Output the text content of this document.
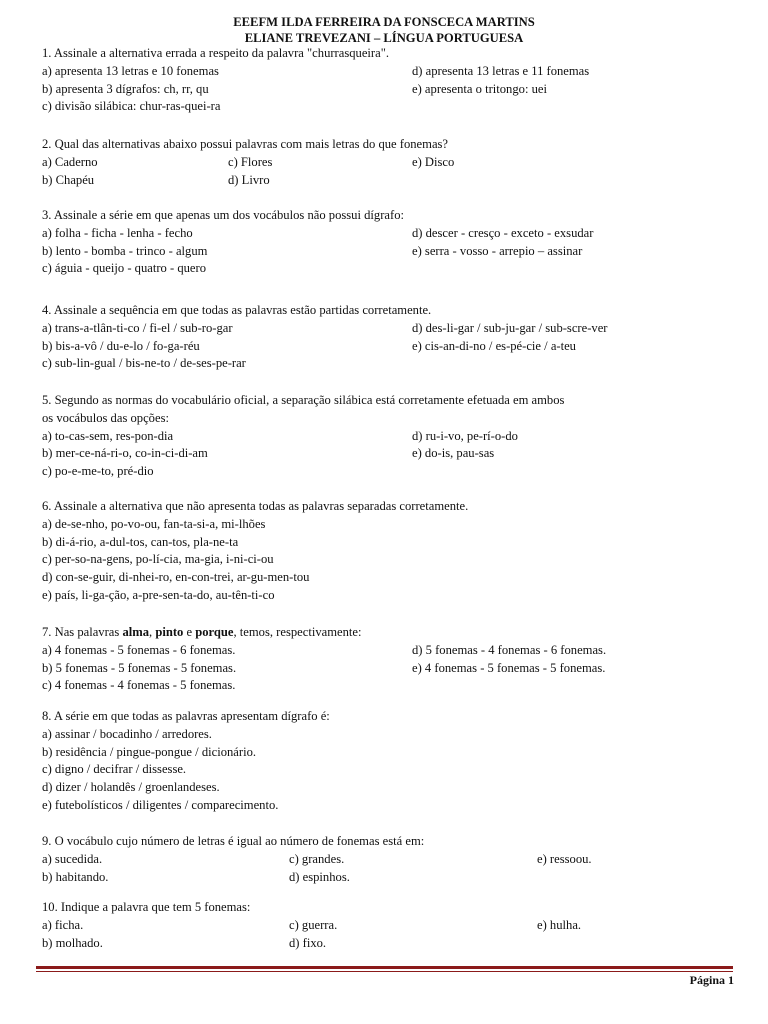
EEEFM ILDA FERREIRA DA FONSCECA MARTINS
ELIANE TREVEZANI – LÍNGUA PORTUGUESA
1. Assinale a alternativa errada a respeito da palavra "churrasqueira".
a) apresenta 13 letras e 10 fonemas	d) apresenta 13 letras e 11 fonemas
b) apresenta 3 dígrafos: ch, rr, qu	e) apresenta o tritongo: uei
c) divisão silábica: chur-ras-quei-ra
2. Qual das alternativas abaixo possui palavras com mais letras do que fonemas?
a) Caderno	c) Flores	e) Disco
b) Chapéu	d) Livro
3. Assinale a série em que apenas um dos vocábulos não possui dígrafo:
a) folha - ficha - lenha - fecho	d) descer - cresço - exceto - exsudar
b) lento - bomba - trinco - algum	e) serra - vosso - arrepio – assinar
c) águia - queijo - quatro - quero
4. Assinale a sequência em que todas as palavras estão partidas corretamente.
a) trans-a-tlân-ti-co / fi-el / sub-ro-gar	d) des-li-gar / sub-ju-gar / sub-scre-ver
b) bis-a-vô / du-e-lo / fo-ga-réu	e) cis-an-di-no / es-pé-cie / a-teu
c) sub-lin-gual / bis-ne-to / de-ses-pe-rar
5. Segundo as normas do vocabulário oficial, a separação silábica está corretamente efetuada em ambos
os vocábulos das opções:
a) to-cas-sem, res-pon-dia	d) ru-i-vo, pe-rí-o-do
b) mer-ce-ná-ri-o, co-in-ci-di-am	e) do-is, pau-sas
c) po-e-me-to, pré-dio
6. Assinale a alternativa que não apresenta todas as palavras separadas corretamente.
a) de-se-nho, po-vo-ou, fan-ta-si-a, mi-lhões
b) di-á-rio, a-dul-tos, can-tos, pla-ne-ta
c) per-so-na-gens, po-lí-cia, ma-gia, i-ni-ci-ou
d) con-se-guir, di-nhei-ro, en-con-trei, ar-gu-men-tou
e) país, li-ga-ção, a-pre-sen-ta-do, au-tên-ti-co
7. Nas palavras alma, pinto e porque, temos, respectivamente:
a) 4 fonemas - 5 fonemas - 6 fonemas.	d) 5 fonemas - 4 fonemas - 6 fonemas.
b) 5 fonemas - 5 fonemas - 5 fonemas.	e) 4 fonemas - 5 fonemas - 5 fonemas.
c) 4 fonemas - 4 fonemas - 5 fonemas.
8. A série em que todas as palavras apresentam dígrafo é:
a) assinar / bocadinho / arredores.
b) residência / pingue-pongue / dicionário.
c) digno / decifrar / dissesse.
d) dizer / holandês / groenlandeses.
e) futebolísticos / diligentes / comparecimento.
9. O vocábulo cujo número de letras é igual ao número de fonemas está em:
a) sucedida.	c) grandes.	e) ressoou.
b) habitando.	d) espinhos.
10. Indique a palavra que tem 5 fonemas:
a) ficha.	c) guerra.	e) hulha.
b) molhado.	d) fixo.
Página 1
